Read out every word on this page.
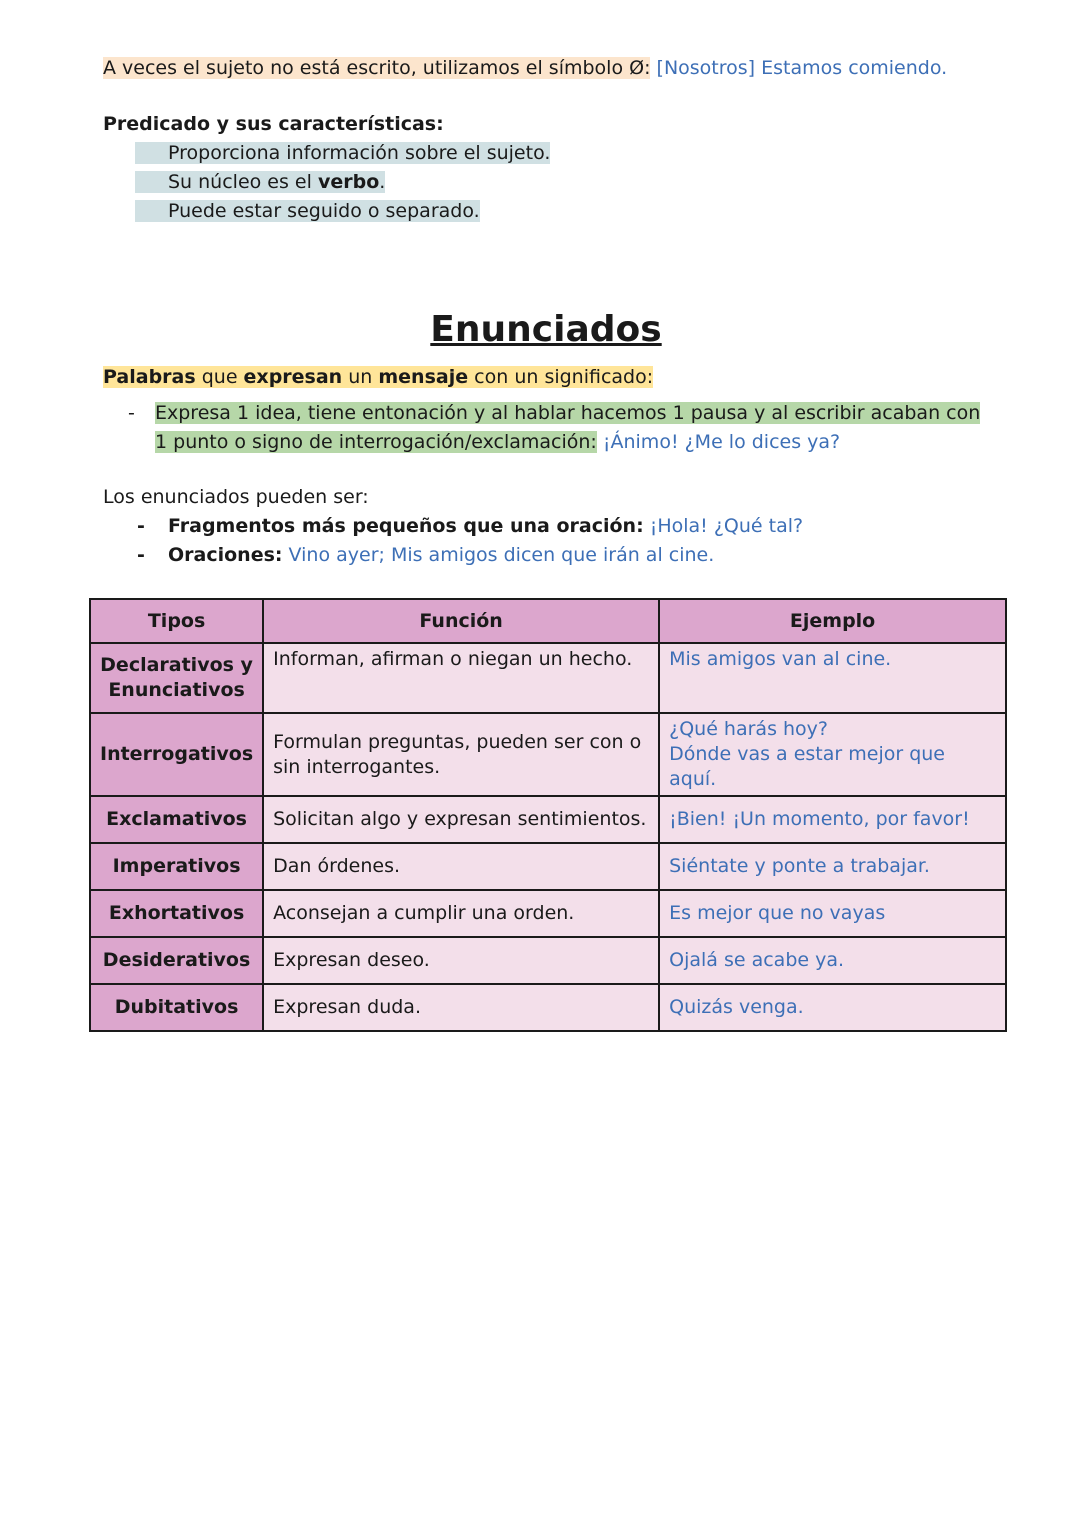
A veces el sujeto no está escrito, utilizamos el símbolo Ø: [Nosotros] Estamos comiendo.
Predicado y sus características:
Proporciona información sobre el sujeto.
Su núcleo es el verbo.
Puede estar seguido o separado.
Enunciados
Palabras que expresan un mensaje con un significado:
- Expresa 1 idea, tiene entonación y al hablar hacemos 1 pausa y al escribir acaban con
1 punto o signo de interrogación/exclamación: ¡Ánimo! ¿Me lo dices ya?
Los enunciados pueden ser:
- Fragmentos más pequeños que una oración: ¡Hola! ¿Qué tal?
- Oraciones: Vino ayer; Mis amigos dicen que irán al cine.
Tipos	Función	Ejemplo
Declarativos y Enunciativos	Informan, afirman o niegan un hecho.	Mis amigos van al cine.
Interrogativos	Formulan preguntas, pueden ser con o sin interrogantes.	¿Qué harás hoy?
Dónde vas a estar mejor que aquí.

Exclamativos	Solicitan algo y expresan sentimientos.	¡Bien! ¡Un momento, por favor!
Imperativos	Dan órdenes.	Siéntate y ponte a trabajar.
Exhortativos	Aconsejan a cumplir una orden.	Es mejor que no vayas
Desiderativos	Expresan deseo.	Ojalá se acabe ya.
Dubitativos	Expresan duda.	Quizás venga.
